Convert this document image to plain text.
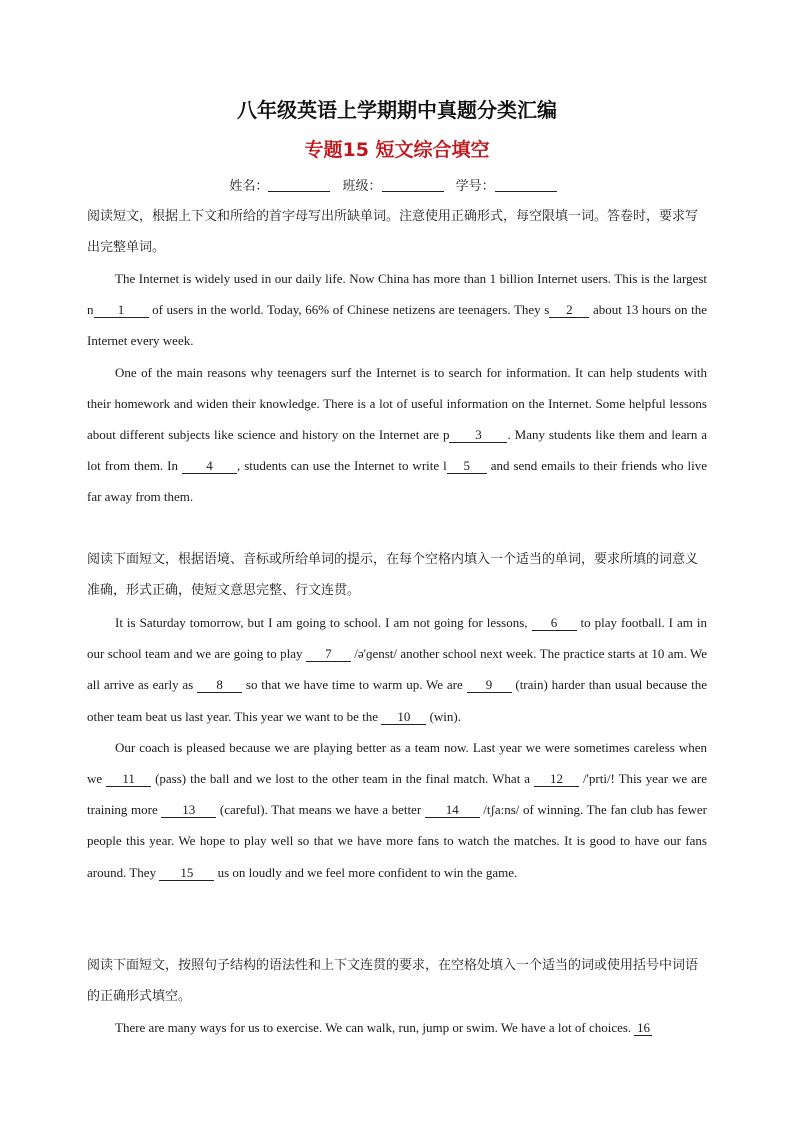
八年级英语上学期期中真题分类汇编
专题15 短文综合填空
姓名：	班级：	学号：
阅读短文，根据上下文和所给的首字母写出所缺单词。注意使用正确形式，每空限填一词。答卷时，要求写出完整单词。

The Internet is widely used in our daily life. Now China has more than 1 billion Internet users. This is the largest n 1 of users in the world. Today, 66% of Chinese netizens are teenagers. They s 2 about 13 hours on the Internet every week.

One of the main reasons why teenagers surf the Internet is to search for information. It can help students with their homework and widen their knowledge. There is a lot of useful information on the Internet. Some helpful lessons about different subjects like science and history on the Internet are p 3 . Many students like them and learn a lot from them. In 4 , students can use the Internet to write l 5 and send emails to their friends who live far away from them.

阅读下面短文，根据语境、音标或所给单词的提示，在每个空格内填入一个适当的单词，要求所填的词意义准确，形式正确，使短文意思完整、行文连贯。

It is Saturday tomorrow, but I am going to school. I am not going for lessons, 6 to play football. I am in our school team and we are going to play 7 /ə'ɡenst/ another school next week. The practice starts at 10 am. We all arrive as early as 8 so that we have time to warm up. We are 9 (train) harder than usual because the other team beat us last year. This year we want to be the 10 (win).

Our coach is pleased because we are playing better as a team now. Last year we were sometimes careless when we 11 (pass) the ball and we lost to the other team in the final match. What a 12 /'prti/! This year we are training more 13 (careful). That means we have a better 14 /tʃa:ns/ of winning. The fan club has fewer people this year. We hope to play well so that we have more fans to watch the matches. It is good to have our fans around. They 15 us on loudly and we feel more confident to win the game.

阅读下面短文，按照句子结构的语法性和上下文连贯的要求，在空格处填入一个适当的词或使用括号中词语的正确形式填空。

There are many ways for us to exercise. We can walk, run, jump or swim. We have a lot of choices. 16
